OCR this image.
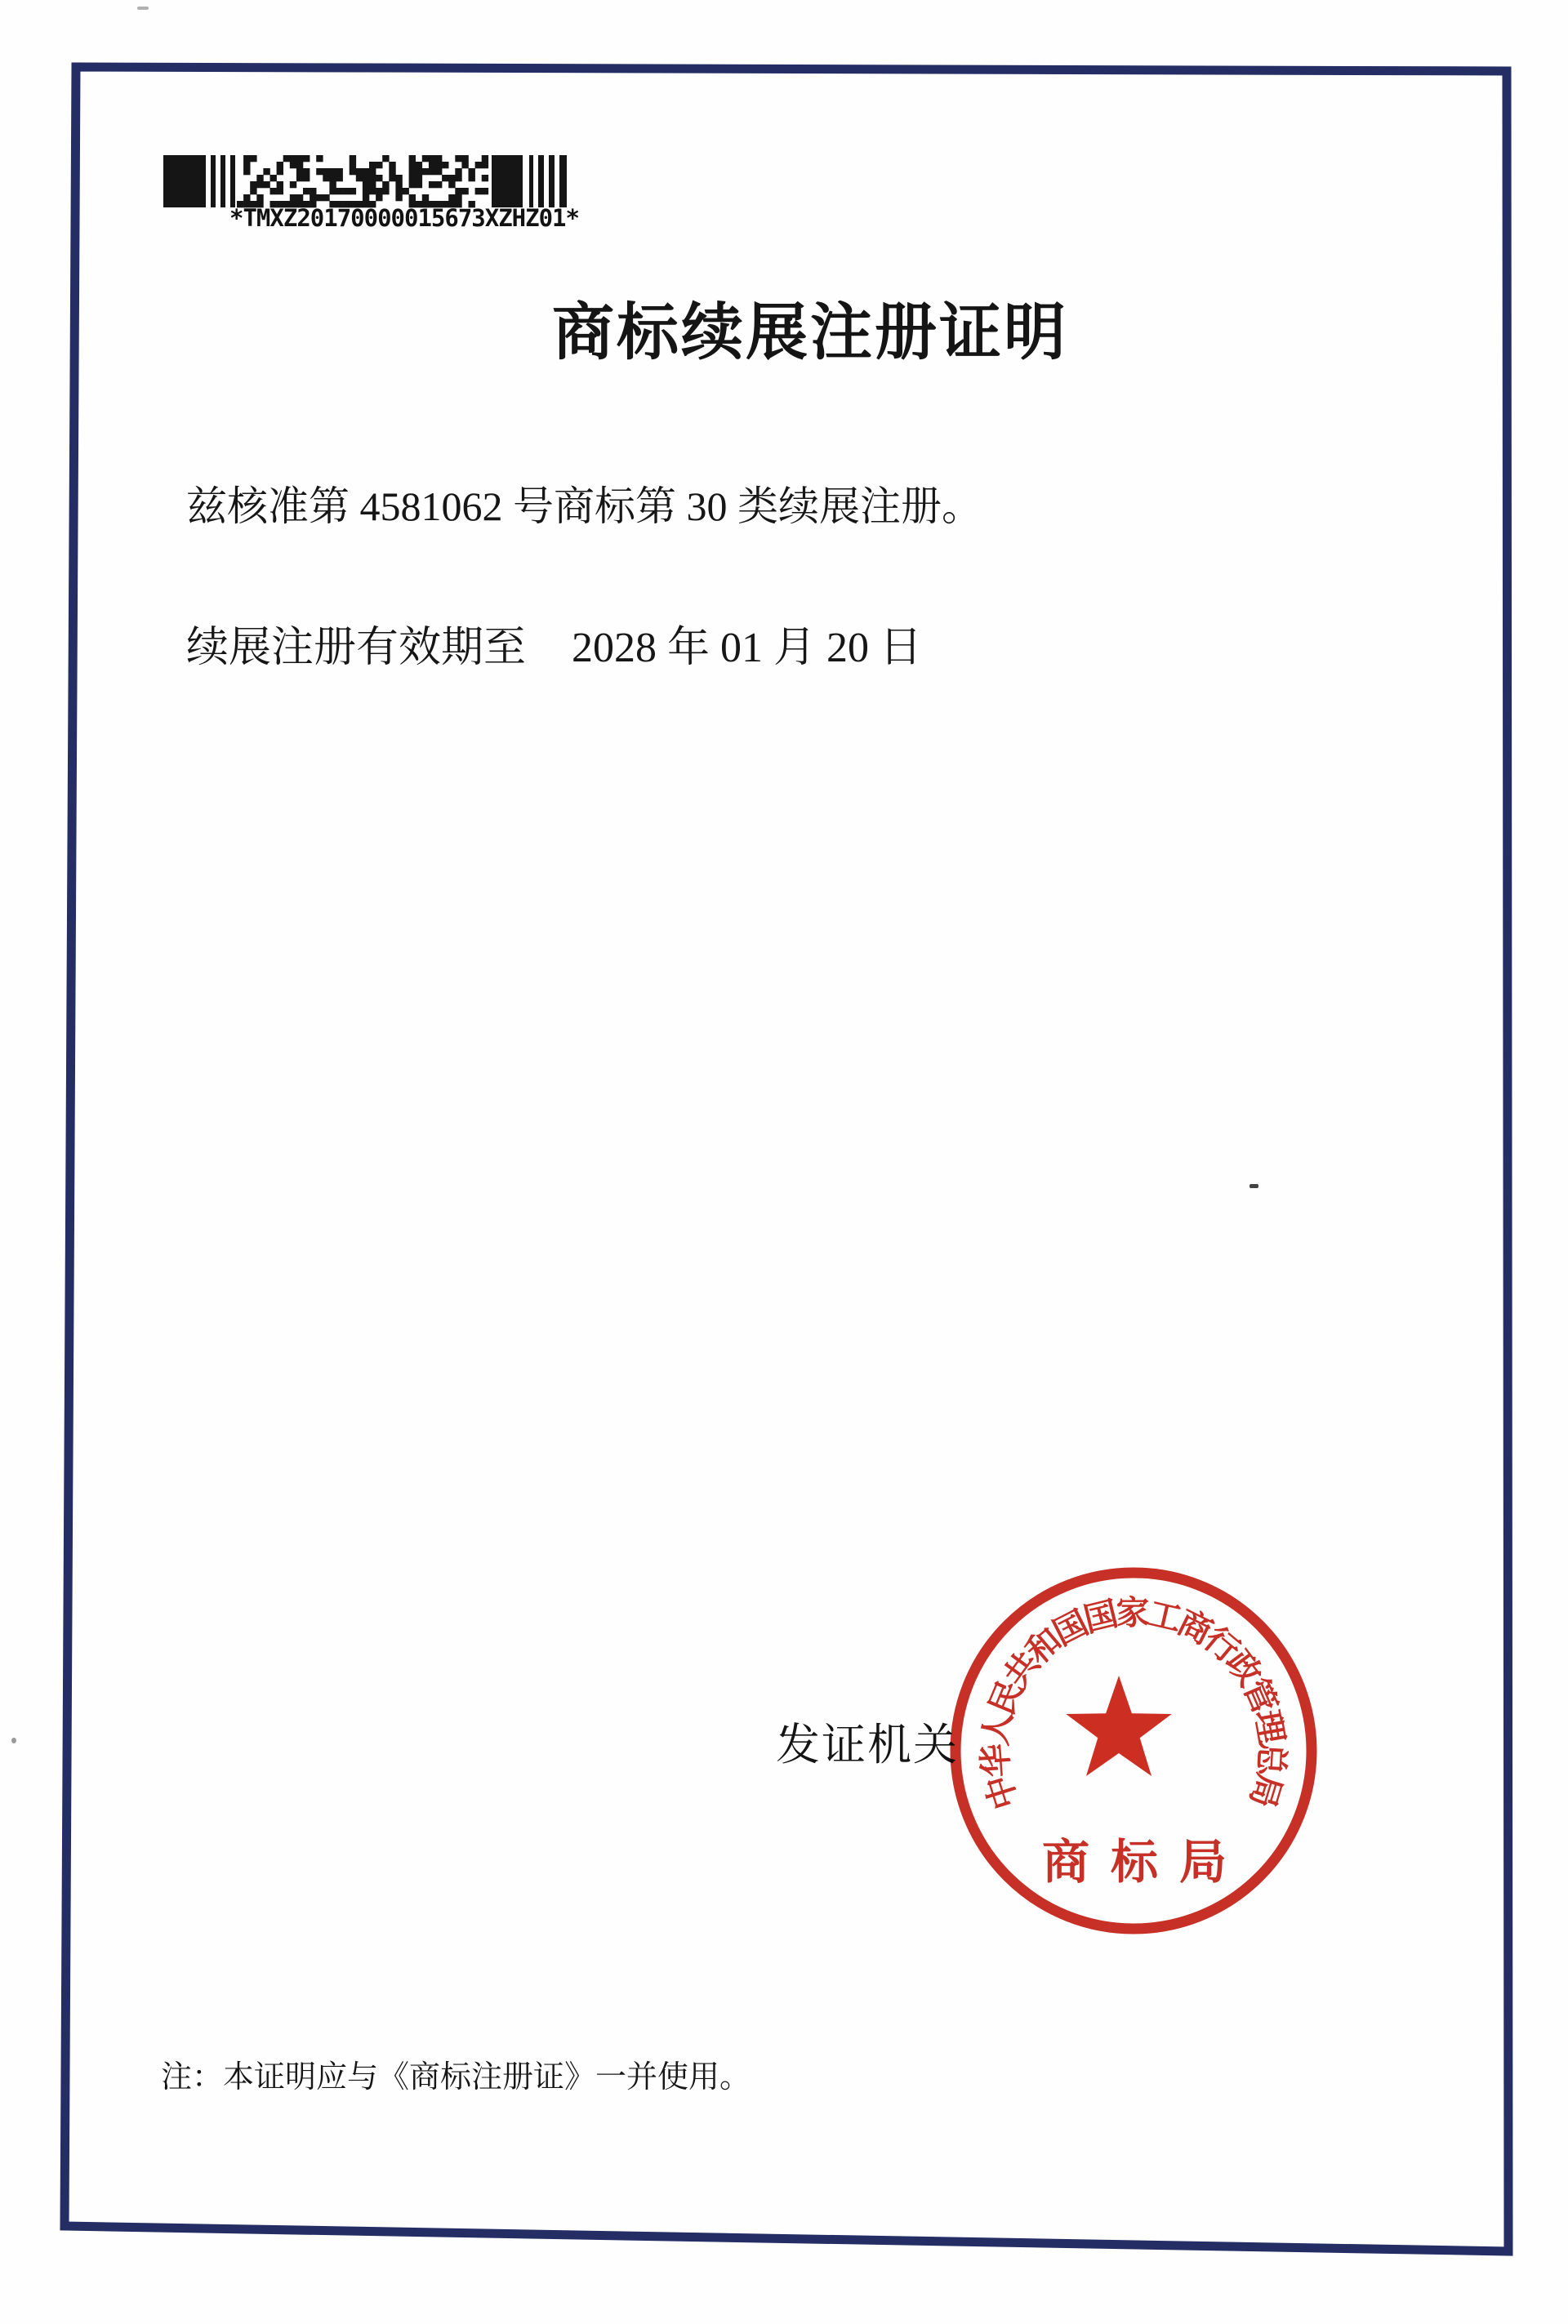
*TMXZ20170000015673XZHZ01*
商标续展注册证明
兹核准第 4581062 号商标第 30 类续展注册。
续展注册有效期至 2028 年 01 月 20 日
发证机关
中华人民共和国国家工商行政管理总局
商标局
注：本证明应与《商标注册证》一并使用。
